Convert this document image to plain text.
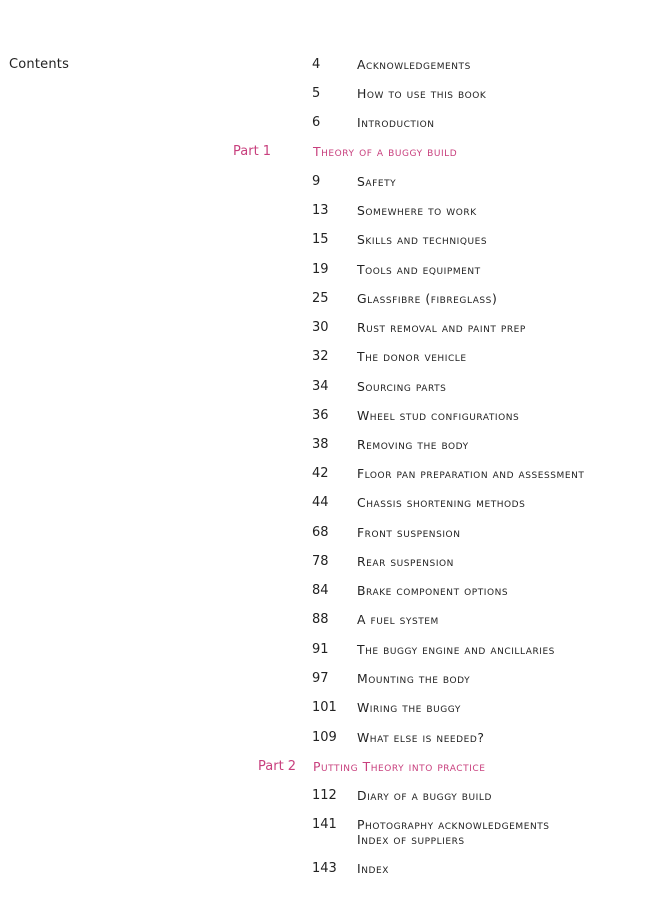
Contents	4	Acknowledgements
5	How to use this book
6	Introduction
Part 1	Theory of a buggy build
9	Safety
13 Somewhere to work
15 Skills and techniques
19 Tools and equipment
25 Glassfibre (fibreglass)
30 Rust removal and paint prep
32 The donor vehicle
34 Sourcing parts
36 Wheel stud configurations
38 Removing the body
42 Floor pan preparation and assessment
44 Chassis shortening methods
68 Front suspension
78 Rear suspension
84 Brake component options
88 A fuel system
91 The buggy engine and ancillaries
97 Mounting the body
101 Wiring the buggy
109 What else is needed?
Part 2 Putting Theory into practice
112 Diary of a buggy build
141 Photography acknowledgements
Index of suppliers
143 Index
